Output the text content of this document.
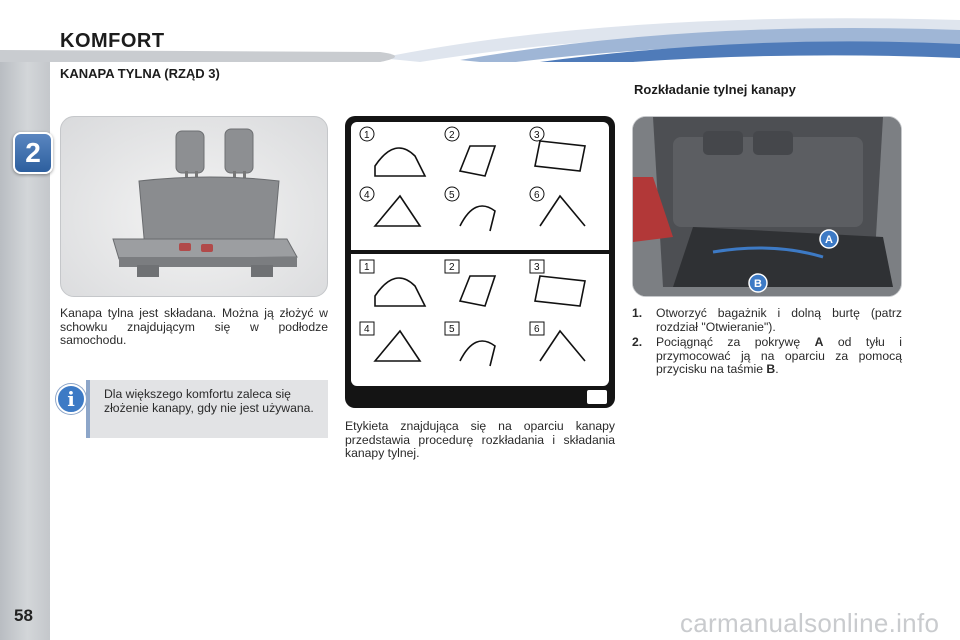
2
58
KOMFORT
KANAPA TYLNA (RZĄD 3)
Rozkładanie tylnej kanapy
Kanapa tylna jest składana. Można ją złożyć w schowku znajdującym się w podłodze samochodu.
Dla większego komfortu zaleca się złożenie kanapy, gdy nie jest używana.
i
1	2	3
4	5	6
1	2	3
4	5	6
Etykieta znajdująca się na oparciu kanapy przedstawia procedurę rozkładania i składania kanapy tylnej.
A
B
1.	Otworzyć bagażnik i dolną burtę (patrz rozdział "Otwieranie").
2.	Pociągnąć za pokrywę A od tyłu i przymocować ją na oparciu za pomocą przycisku na taśmie B.
carmanualsonline.info
